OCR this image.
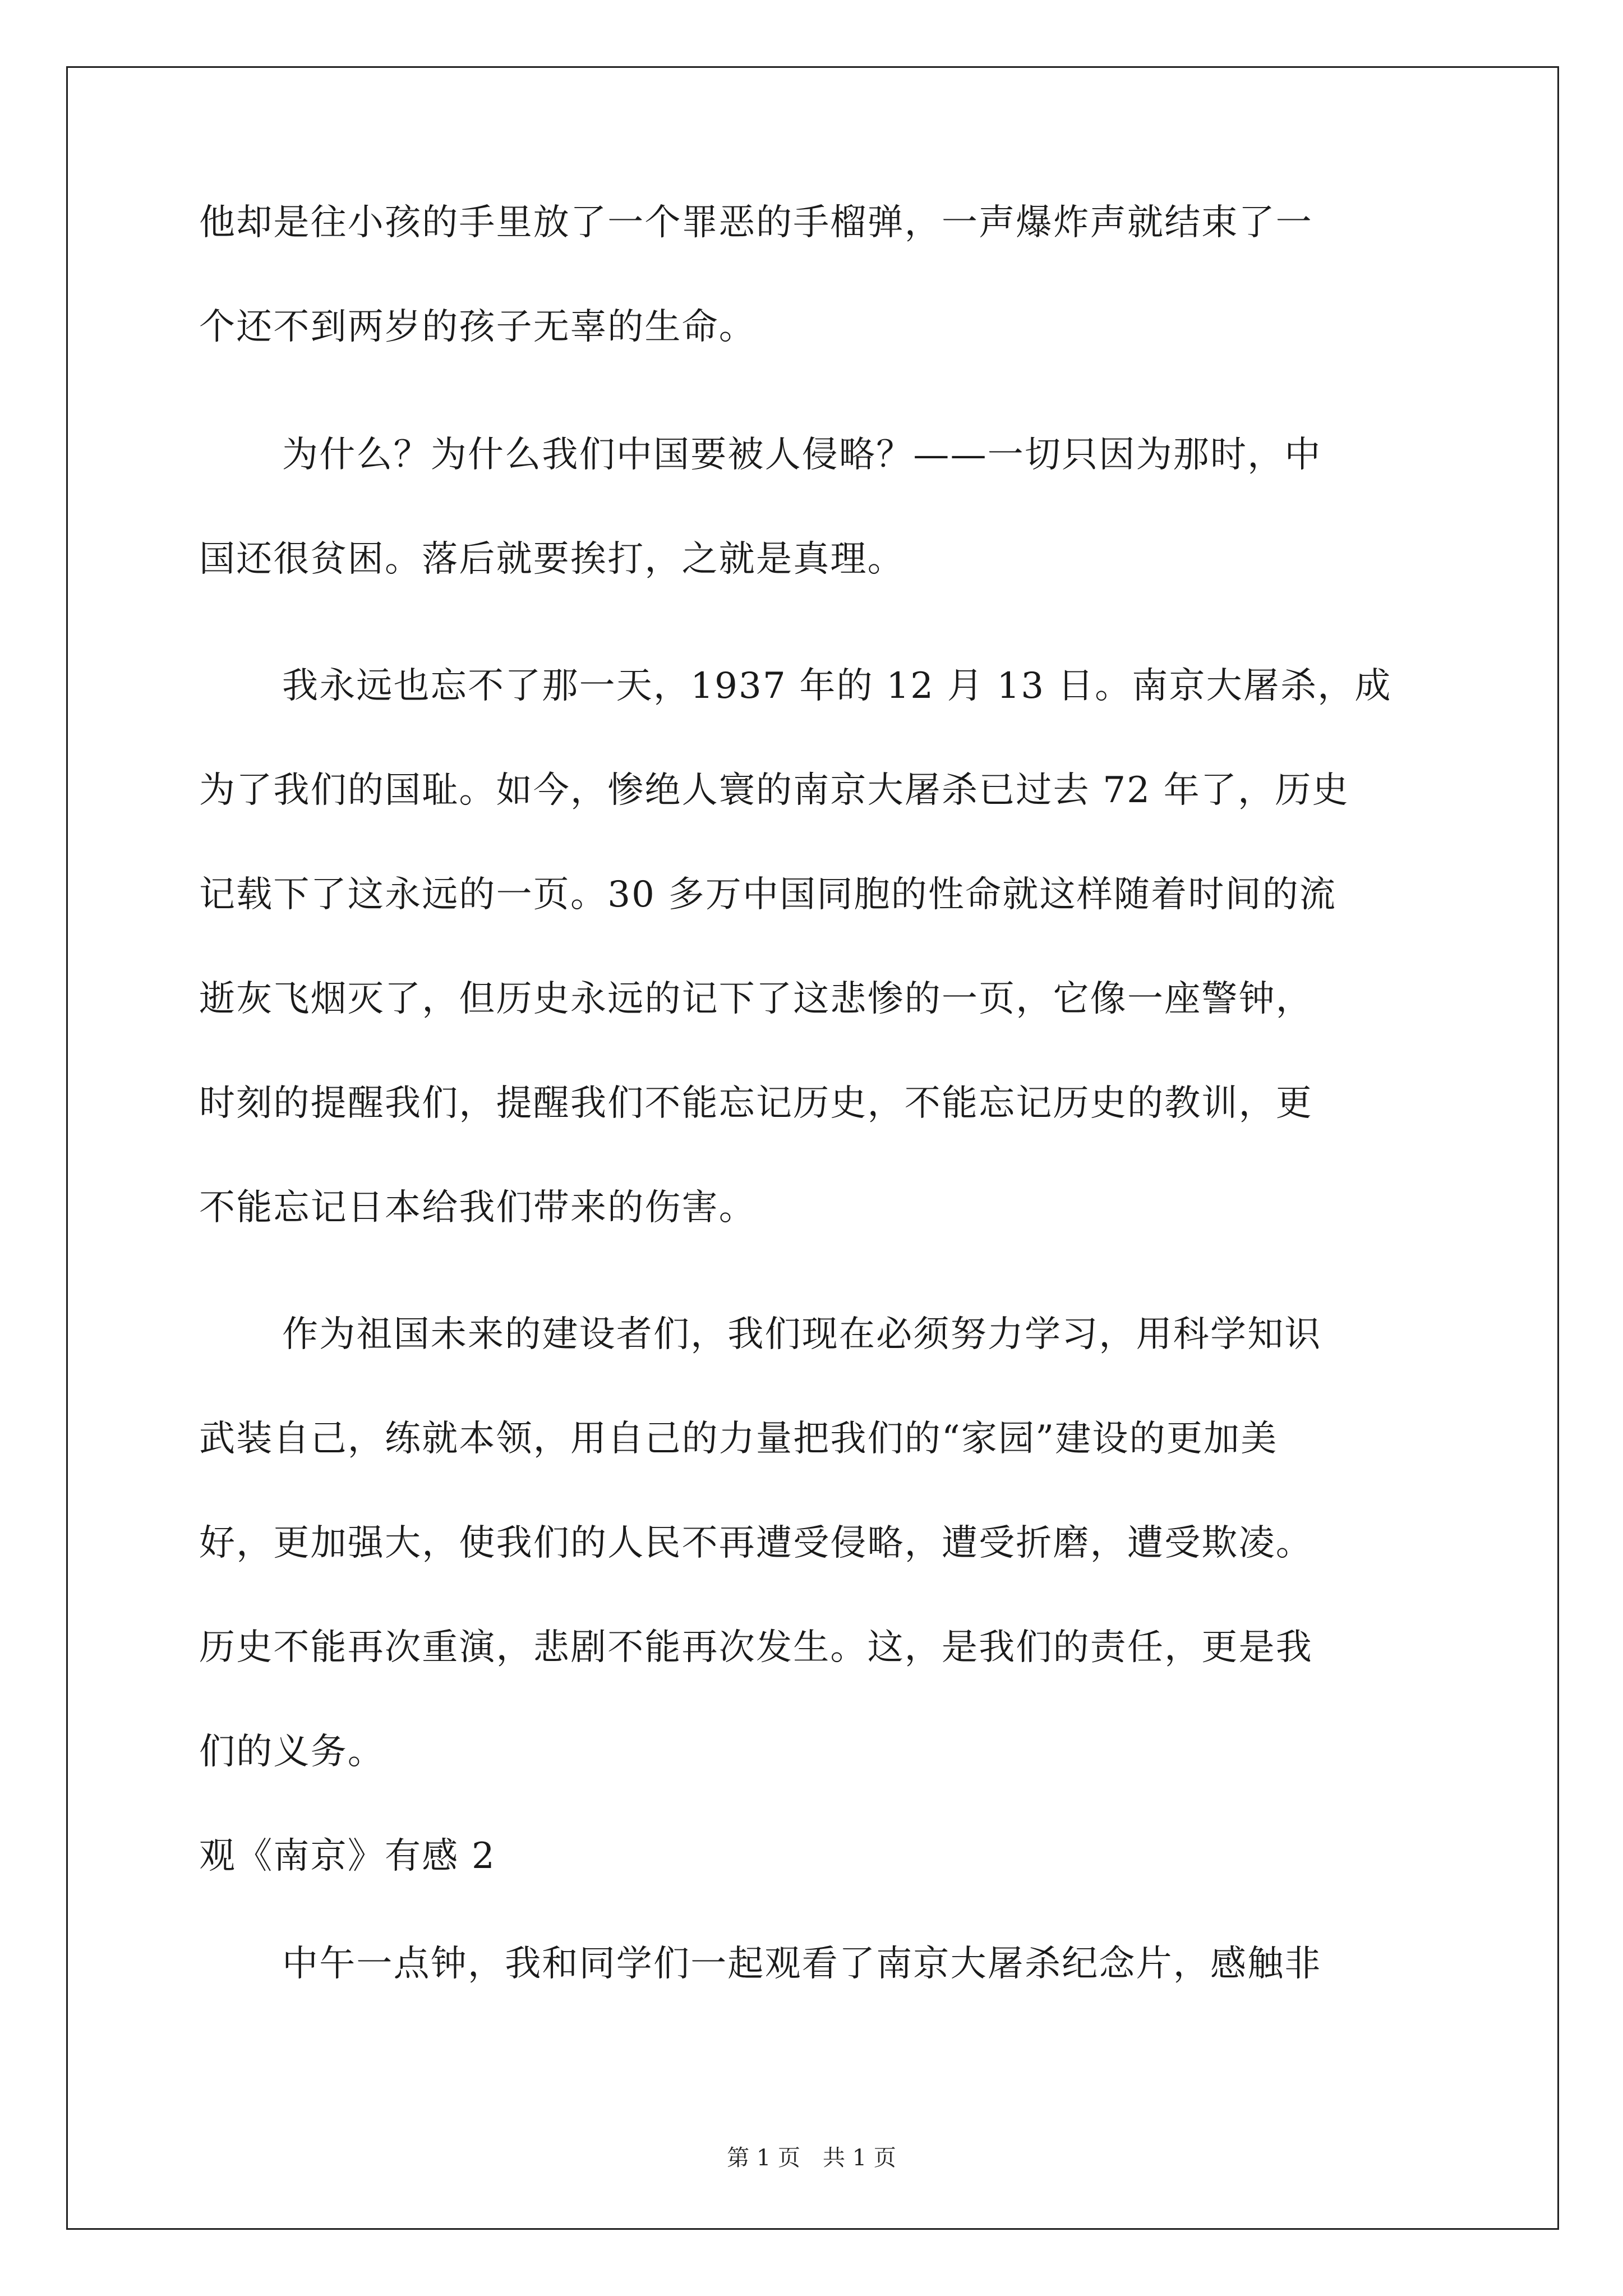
他却是往小孩的手里放了一个罪恶的手榴弹，一声爆炸声就结束了一
个还不到两岁的孩子无辜的生命。
为什么？为什么我们中国要被人侵略？——一切只因为那时，中
国还很贫困。落后就要挨打，之就是真理。
我永远也忘不了那一天，1937 年的 12 月 13 日。南京大屠杀，成
为了我们的国耻。如今，惨绝人寰的南京大屠杀已过去 72 年了，历史
记载下了这永远的一页。30 多万中国同胞的性命就这样随着时间的流
逝灰飞烟灭了，但历史永远的记下了这悲惨的一页，它像一座警钟，
时刻的提醒我们，提醒我们不能忘记历史，不能忘记历史的教训，更
不能忘记日本给我们带来的伤害。
作为祖国未来的建设者们，我们现在必须努力学习，用科学知识
武装自己，练就本领，用自己的力量把我们的“家园”建设的更加美
好，更加强大，使我们的人民不再遭受侵略，遭受折磨，遭受欺凌。
历史不能再次重演，悲剧不能再次发生。这，是我们的责任，更是我
们的义务。
观《南京》有感 2
中午一点钟，我和同学们一起观看了南京大屠杀纪念片，感触非
第 1 页　共 1 页
